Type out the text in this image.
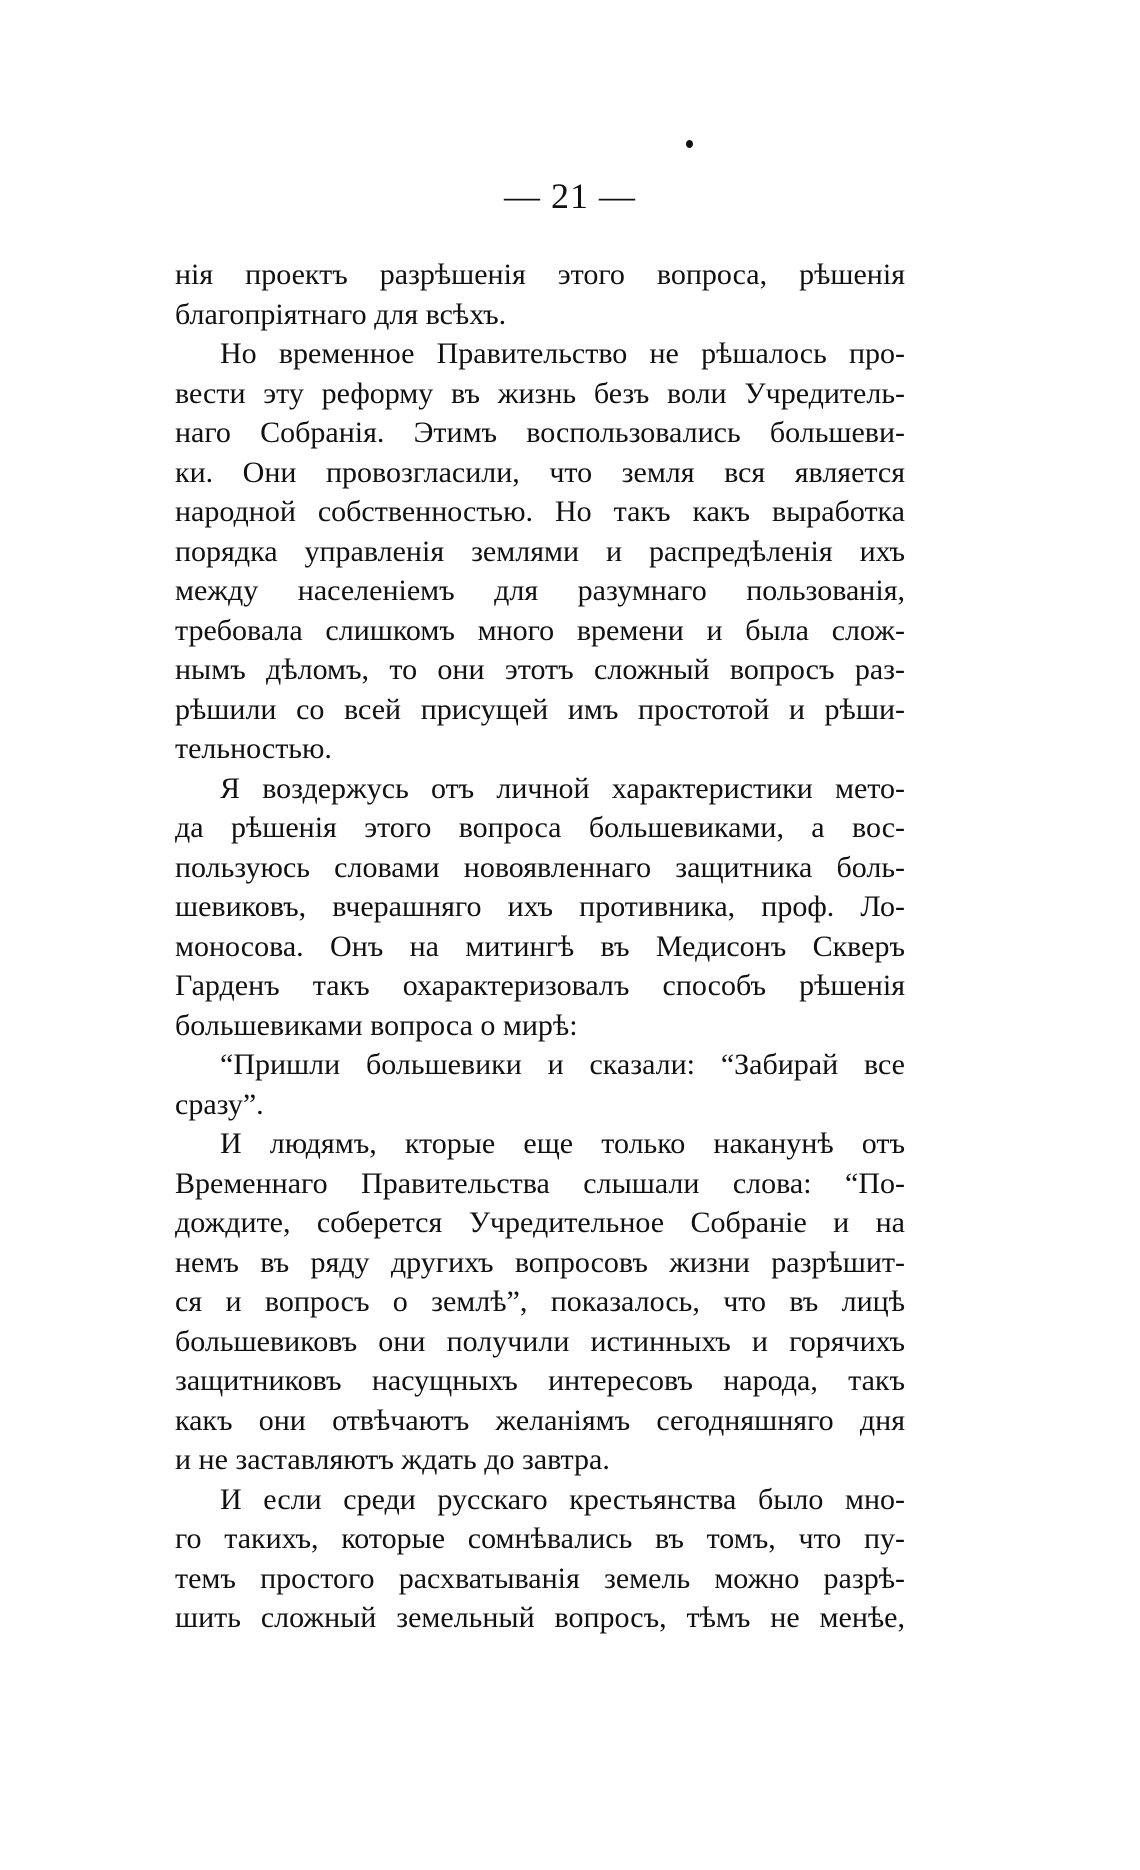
— 21 —
нія проектъ разрѣшенія этого вопроса, рѣшенія
благопріятнаго для всѣхъ.
Но временное Правительство не рѣшалось про-
вести эту реформу въ жизнь безъ воли Учредитель-
наго Собранія. Этимъ воспользовались большеви-
ки. Они провозгласили, что земля вся является
народной собственностью. Но такъ какъ выработка
порядка управленія землями и распредѣленія ихъ
между населеніемъ для разумнаго пользованія,
требовала слишкомъ много времени и была слож-
нымъ дѣломъ, то они этотъ сложный вопросъ раз-
рѣшили со всей присущей имъ простотой и рѣши-
тельностью.
Я воздержусь отъ личной характеристики мето-
да рѣшенія этого вопроса большевиками, а вос-
пользуюсь словами новоявленнаго защитника боль-
шевиковъ, вчерашняго ихъ противника, проф. Ло-
моносова. Онъ на митингѣ въ Медисонъ Скверъ
Гарденъ такъ охарактеризовалъ способъ рѣшенія
большевиками вопроса о мирѣ:
“Пришли большевики и сказали: “Забирай все
сразу”.
И людямъ, кторые еще только наканунѣ отъ
Временнаго Правительства слышали слова: “По-
дождите, соберется Учредительное Собраніе и на
немъ въ ряду другихъ вопросовъ жизни разрѣшит-
ся и вопросъ о землѣ”, показалось, что въ лицѣ
большевиковъ они получили истинныхъ и горячихъ
защитниковъ насущныхъ интересовъ народа, такъ
какъ они отвѣчаютъ желаніямъ сегодняшняго дня
и не заставляютъ ждать до завтра.
И если среди русскаго крестьянства было мно-
го такихъ, которые сомнѣвались въ томъ, что пу-
темъ простого расхватыванія земель можно разрѣ-
шить сложный земельный вопросъ, тѣмъ не менѣе,
